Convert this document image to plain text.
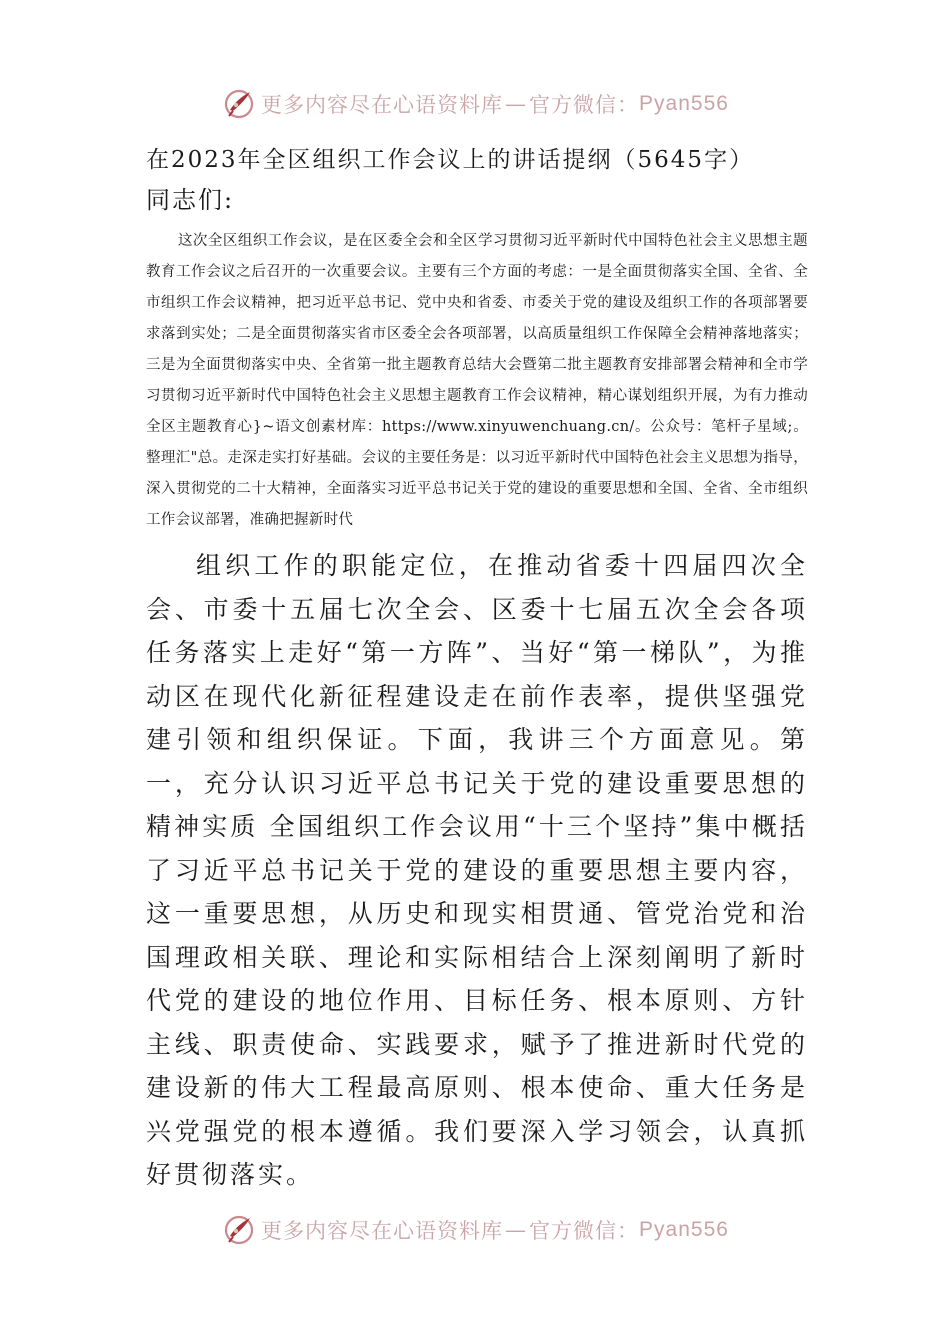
更多内容尽在心语资料库 — 官方微信： Pyan556
在2023年全区组织工作会议上的讲话提纲（5645字）
同志们:
这次全区组织工作会议，是在区委全会和全区学习贯彻习近平新时代中国特色社会主义思想主题教育工作会议之后召开的一次重要会议。主要有三个方面的考虑：一是全面贯彻落实全国、全省、全市组织工作会议精神，把习近平总书记、党中央和省委、市委关于党的建设及组织工作的各项部署要求落到实处；二是全面贯彻落实省市区委全会各项部署，以高质量组织工作保障全会精神落地落实；三是为全面贯彻落实中央、全省第一批主题教育总结大会暨第二批主题教育安排部署会精神和全市学习贯彻习近平新时代中国特色社会主义思想主题教育工作会议精神，精心谋划组织开展，为有力推动全区主题教育心}~语文创素材库：https://www.xinyuwenchuang.cn/。公众号：笔杆子星域;。整理汇"总。走深走实打好基础。会议的主要任务是：以习近平新时代中国特色社会主义思想为指导，深入贯彻党的二十大精神，全面落实习近平总书记关于党的建设的重要思想和全国、全省、全市组织工作会议部署，准确把握新时代
组织工作的职能定位，在推动省委十四届四次全会、市委十五届七次全会、区委十七届五次全会各项任务落实上走好“第一方阵”、当好“第一梯队”，为推动区在现代化新征程建设走在前作表率，提供坚强党建引领和组织保证。下面，我讲三个方面意见。第一，充分认识习近平总书记关于党的建设重要思想的精神实质 全国组织工作会议用“十三个坚持”集中概括了习近平总书记关于党的建设的重要思想主要内容，这一重要思想，从历史和现实相贯通、管党治党和治国理政相关联、理论和实际相结合上深刻阐明了新时代党的建设的地位作用、目标任务、根本原则、方针主线、职责使命、实践要求，赋予了推进新时代党的建设新的伟大工程最高原则、根本使命、重大任务是兴党强党的根本遵循。我们要深入学习领会，认真抓好贯彻落实。
更多内容尽在心语资料库 — 官方微信： Pyan556
